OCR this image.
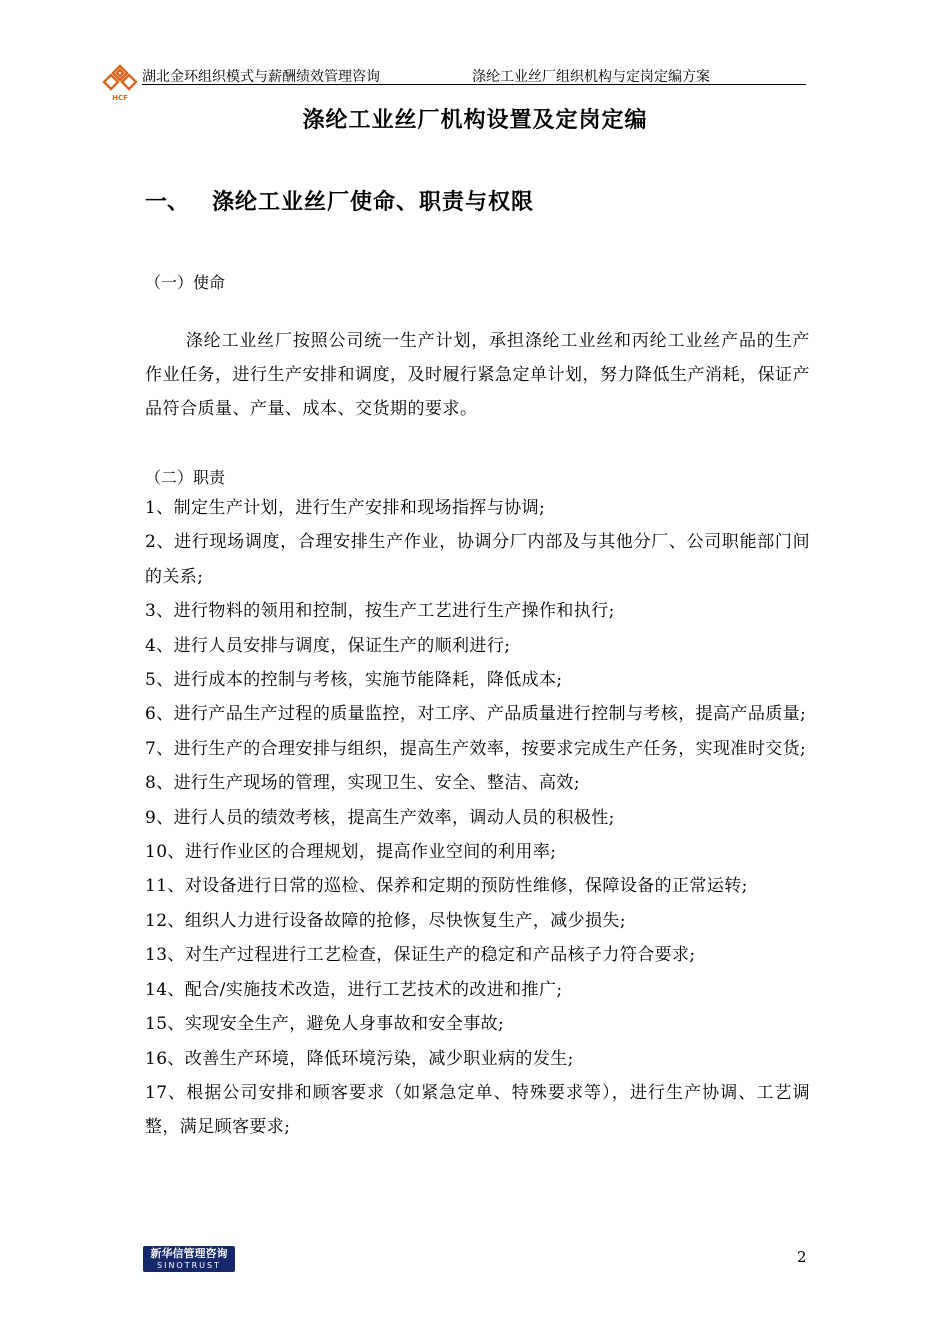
HCF
湖北金环组织模式与薪酬绩效管理咨询	涤纶工业丝厂组织机构与定岗定编方案
涤纶工业丝厂机构设置及定岗定编
一、 涤纶工业丝厂使命、职责与权限
（一）使命
涤纶工业丝厂按照公司统一生产计划，承担涤纶工业丝和丙纶工业丝产品的生产作业任务，进行生产安排和调度，及时履行紧急定单计划，努力降低生产消耗，保证产品符合质量、产量、成本、交货期的要求。
（二）职责
1、制定生产计划，进行生产安排和现场指挥与协调;
2、进行现场调度，合理安排生产作业，协调分厂内部及与其他分厂、公司职能部门间的关系;
3、进行物料的领用和控制，按生产工艺进行生产操作和执行;
4、进行人员安排与调度，保证生产的顺利进行;
5、进行成本的控制与考核，实施节能降耗，降低成本;
6、进行产品生产过程的质量监控，对工序、产品质量进行控制与考核，提高产品质量;
7、进行生产的合理安排与组织，提高生产效率，按要求完成生产任务，实现准时交货;
8、进行生产现场的管理，实现卫生、安全、整洁、高效;
9、进行人员的绩效考核，提高生产效率，调动人员的积极性;
10、进行作业区的合理规划，提高作业空间的利用率;
11、对设备进行日常的巡检、保养和定期的预防性维修，保障设备的正常运转;
12、组织人力进行设备故障的抢修，尽快恢复生产，减少损失;
13、对生产过程进行工艺检查，保证生产的稳定和产品核子力符合要求;
14、配合/实施技术改造，进行工艺技术的改进和推广;
15、实现安全生产，避免人身事故和安全事故;
16、改善生产环境，降低环境污染，减少职业病的发生;
17、根据公司安排和顾客要求（如紧急定单、特殊要求等），进行生产协调、工艺调整，满足顾客要求;
新华信管理咨询
SINOTRUST	2
